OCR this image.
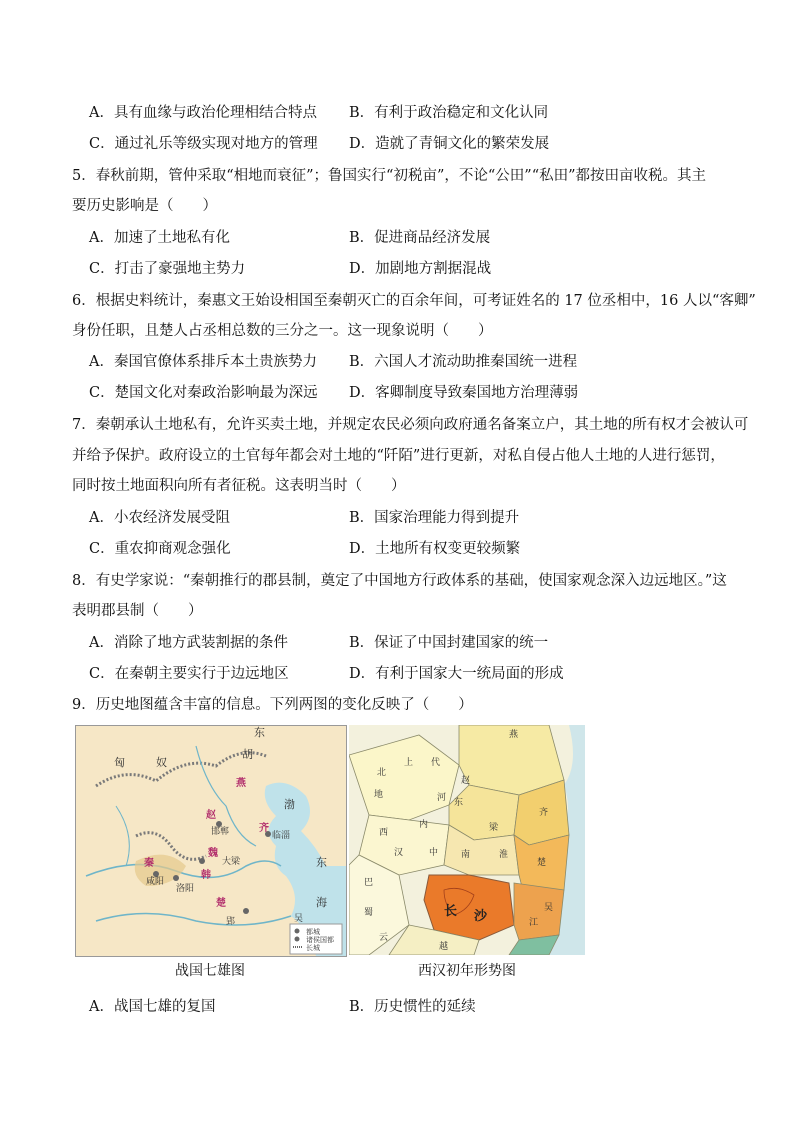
A．具有血缘与政治伦理相结合特点 B．有利于政治稳定和文化认同
C．通过礼乐等级实现对地方的管理 D．造就了青铜文化的繁荣发展
5．春秋前期，管仲采取“相地而衰征”；鲁国实行“初税亩”，不论“公田”“私田”都按田亩收税。其主
要历史影响是（　　）
A．加速了土地私有化	B．促进商品经济发展
C．打击了豪强地主势力	D．加剧地方割据混战
6．根据史料统计，秦惠文王始设相国至秦朝灭亡的百余年间，可考证姓名的 17 位丞相中，16 人以“客卿”
身份任职，且楚人占丞相总数的三分之一。这一现象说明（　　）
A．秦国官僚体系排斥本土贵族势力 B．六国人才流动助推秦国统一进程
C．楚国文化对秦政治影响最为深远 D．客卿制度导致秦国地方治理薄弱
7．秦朝承认土地私有，允许买卖土地，并规定农民必须向政府通名备案立户，其土地的所有权才会被认可
并给予保护。政府设立的土官每年都会对土地的“阡陌”进行更新，对私自侵占他人土地的人进行惩罚，
同时按土地面积向所有者征税。这表明当时（　　）
A．小农经济发展受阻	B．国家治理能力得到提升
C．重农抑商观念强化	D．土地所有权变更较频繁
8．有史学家说：“秦朝推行的郡县制，奠定了中国地方行政体系的基础，使国家观念深入边远地区。”这
表明郡县制（　　）
A．消除了地方武装割据的条件	B．保证了中国封建国家的统一
C．在秦朝主要实行于边远地区	D．有利于国家大一统局面的形成
9．历史地图蕴含丰富的信息。下列两图的变化反映了（　　）
匈	奴
东
胡
东
海
渤
燕
赵
齐
魏
韩
秦
楚
邯郸	临淄
大梁
洛阳
咸阳
郢	吴
都城
诸侯国都
长城
燕
代
上
北
地
赵
河 东
西
内
齐
梁
汉	中	南
楚
淮
吴
江
巴
蜀
云
越
长 沙
战国七雄图	西汉初年形势图
A．战国七雄的复国	B．历史惯性的延续
